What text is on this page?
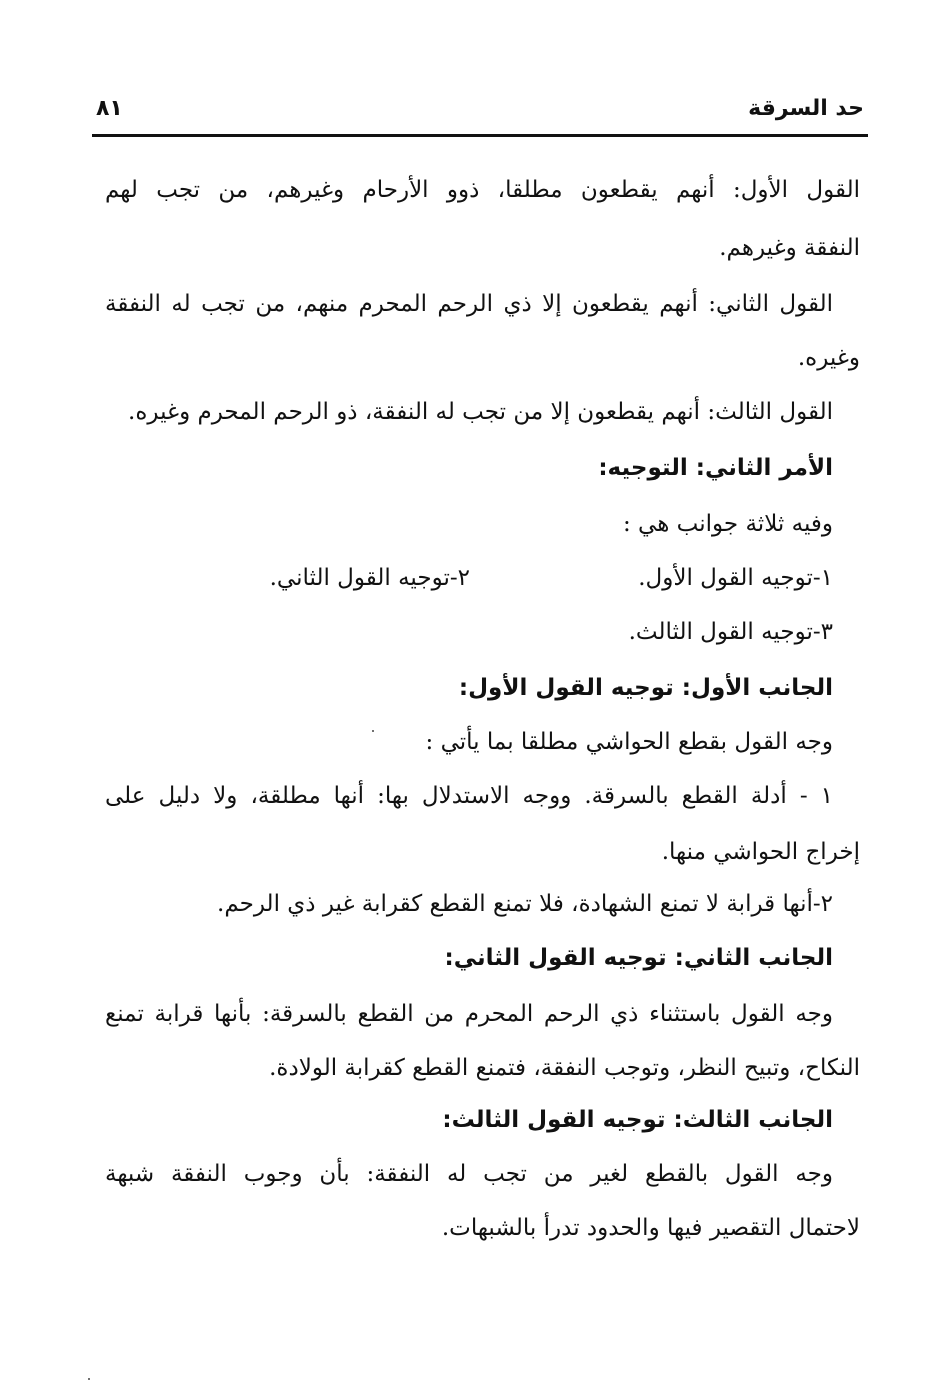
حد السرقة
٨١
القول الأول: أنهم يقطعون مطلقا، ذوو الأرحام وغيرهم، من تجب لهم
النفقة وغيرهم.
القول الثاني: أنهم يقطعون إلا ذي الرحم المحرم منهم، من تجب له النفقة
وغيره.
القول الثالث: أنهم يقطعون إلا من تجب له النفقة، ذو الرحم المحرم وغيره.
الأمر الثاني: التوجيه:
وفيه ثلاثة جوانب هي :
١-توجيه القول الأول.
٢-توجيه القول الثاني.
٣-توجيه القول الثالث.
الجانب الأول: توجيه القول الأول:
وجه القول بقطع الحواشي مطلقا بما يأتي :
١ - أدلة القطع بالسرقة. ووجه الاستدلال بها: أنها مطلقة، ولا دليل على
إخراج الحواشي منها.
٢-أنها قرابة لا تمنع الشهادة، فلا تمنع القطع كقرابة غير ذي الرحم.
الجانب الثاني: توجيه القول الثاني:
وجه القول باستثناء ذي الرحم المحرم من القطع بالسرقة: بأنها قرابة تمنع
النكاح، وتبيح النظر، وتوجب النفقة، فتمنع القطع كقرابة الولادة.
الجانب الثالث: توجيه القول الثالث:
وجه القول بالقطع لغير من تجب له النفقة: بأن وجوب النفقة شبهة
لاحتمال التقصير فيها والحدود تدرأ بالشبهات.
